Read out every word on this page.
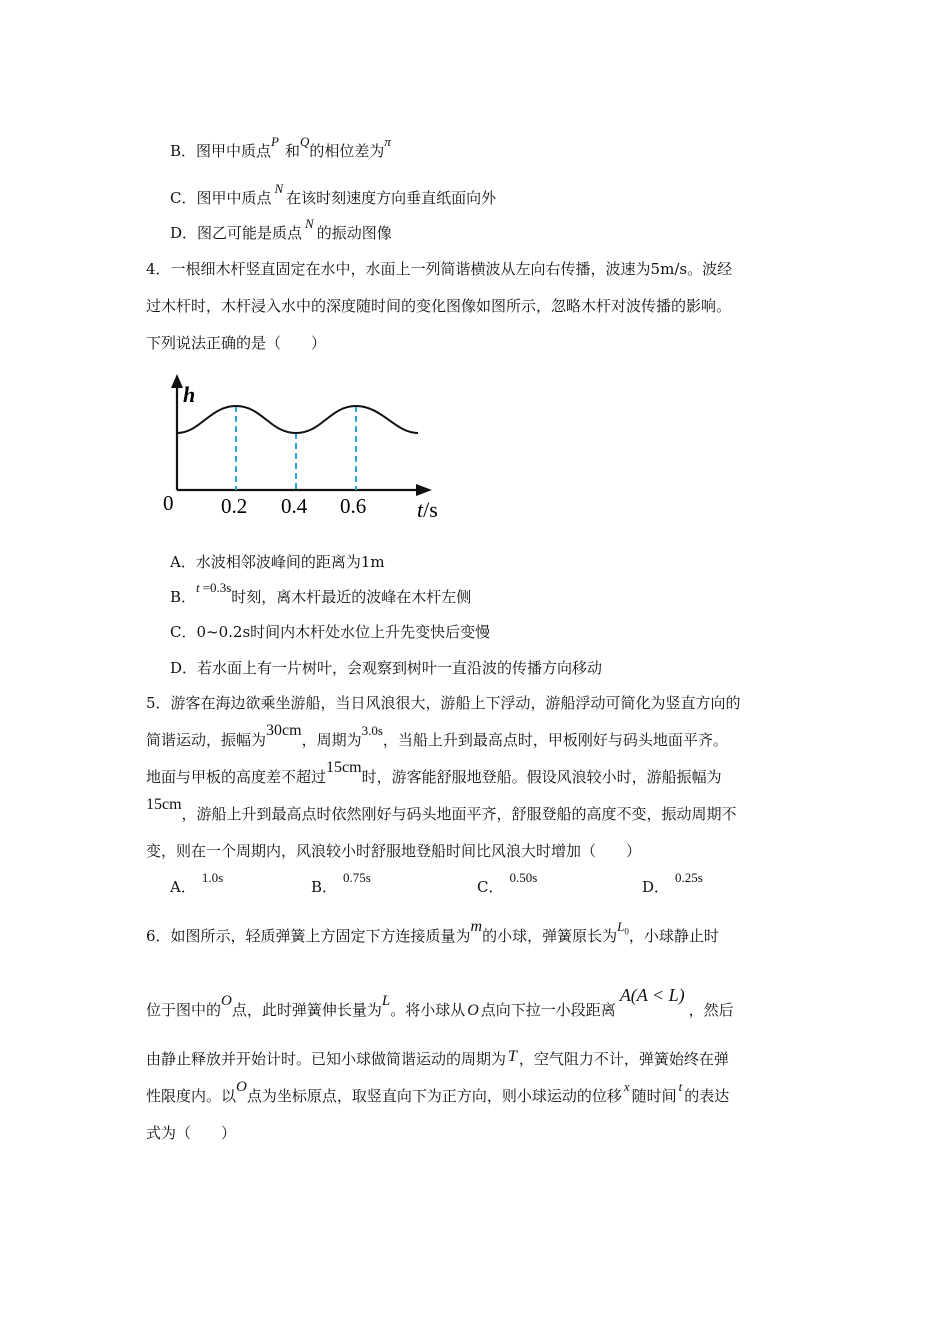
B．图甲中质点P和Q的相位差为π
C．图甲中质点N在该时刻速度方向垂直纸面向外
D．图乙可能是质点N的振动图像
4．一根细木杆竖直固定在水中，水面上一列简谐横波从左向右传播，波速为5m/s。波经
过木杆时，木杆浸入水中的深度随时间的变化图像如图所示，忽略木杆对波传播的影响。
下列说法正确的是（　　）
h
0 0.2 0.4 0.6 t/s
A．水波相邻波峰间的距离为1m
B．t =0.3s时刻，离木杆最近的波峰在木杆左侧
C．0~0.2s时间内木杆处水位上升先变快后变慢
D．若水面上有一片树叶，会观察到树叶一直沿波的传播方向移动
5．游客在海边欲乘坐游船，当日风浪很大，游船上下浮动，游船浮动可简化为竖直方向的
简谐运动，振幅为30cm，周期为3.0s，当船上升到最高点时，甲板刚好与码头地面平齐。
地面与甲板的高度差不超过15cm时，游客能舒服地登船。假设风浪较小时，游船振幅为
15cm，游船上升到最高点时依然刚好与码头地面平齐，舒服登船的高度不变，振动周期不
变，则在一个周期内，风浪较小时舒服地登船时间比风浪大时增加（　　）
A．1.0s
B．0.75s
C．0.50s
D．0.25s
6．如图所示，轻质弹簧上方固定下方连接质量为m的小球，弹簧原长为$L_0$，小球静止时
位于图中的O点，此时弹簧伸长量为L。将小球从 O 点向下拉一小段距离A(A < L)，然后
由静止释放并开始计时。已知小球做简谐运动的周期为 T ，空气阻力不计，弹簧始终在弹
性限度内。以O点为坐标原点，取竖直向下为正方向，则小球运动的位移x随时间t的表达
式为（　　）
